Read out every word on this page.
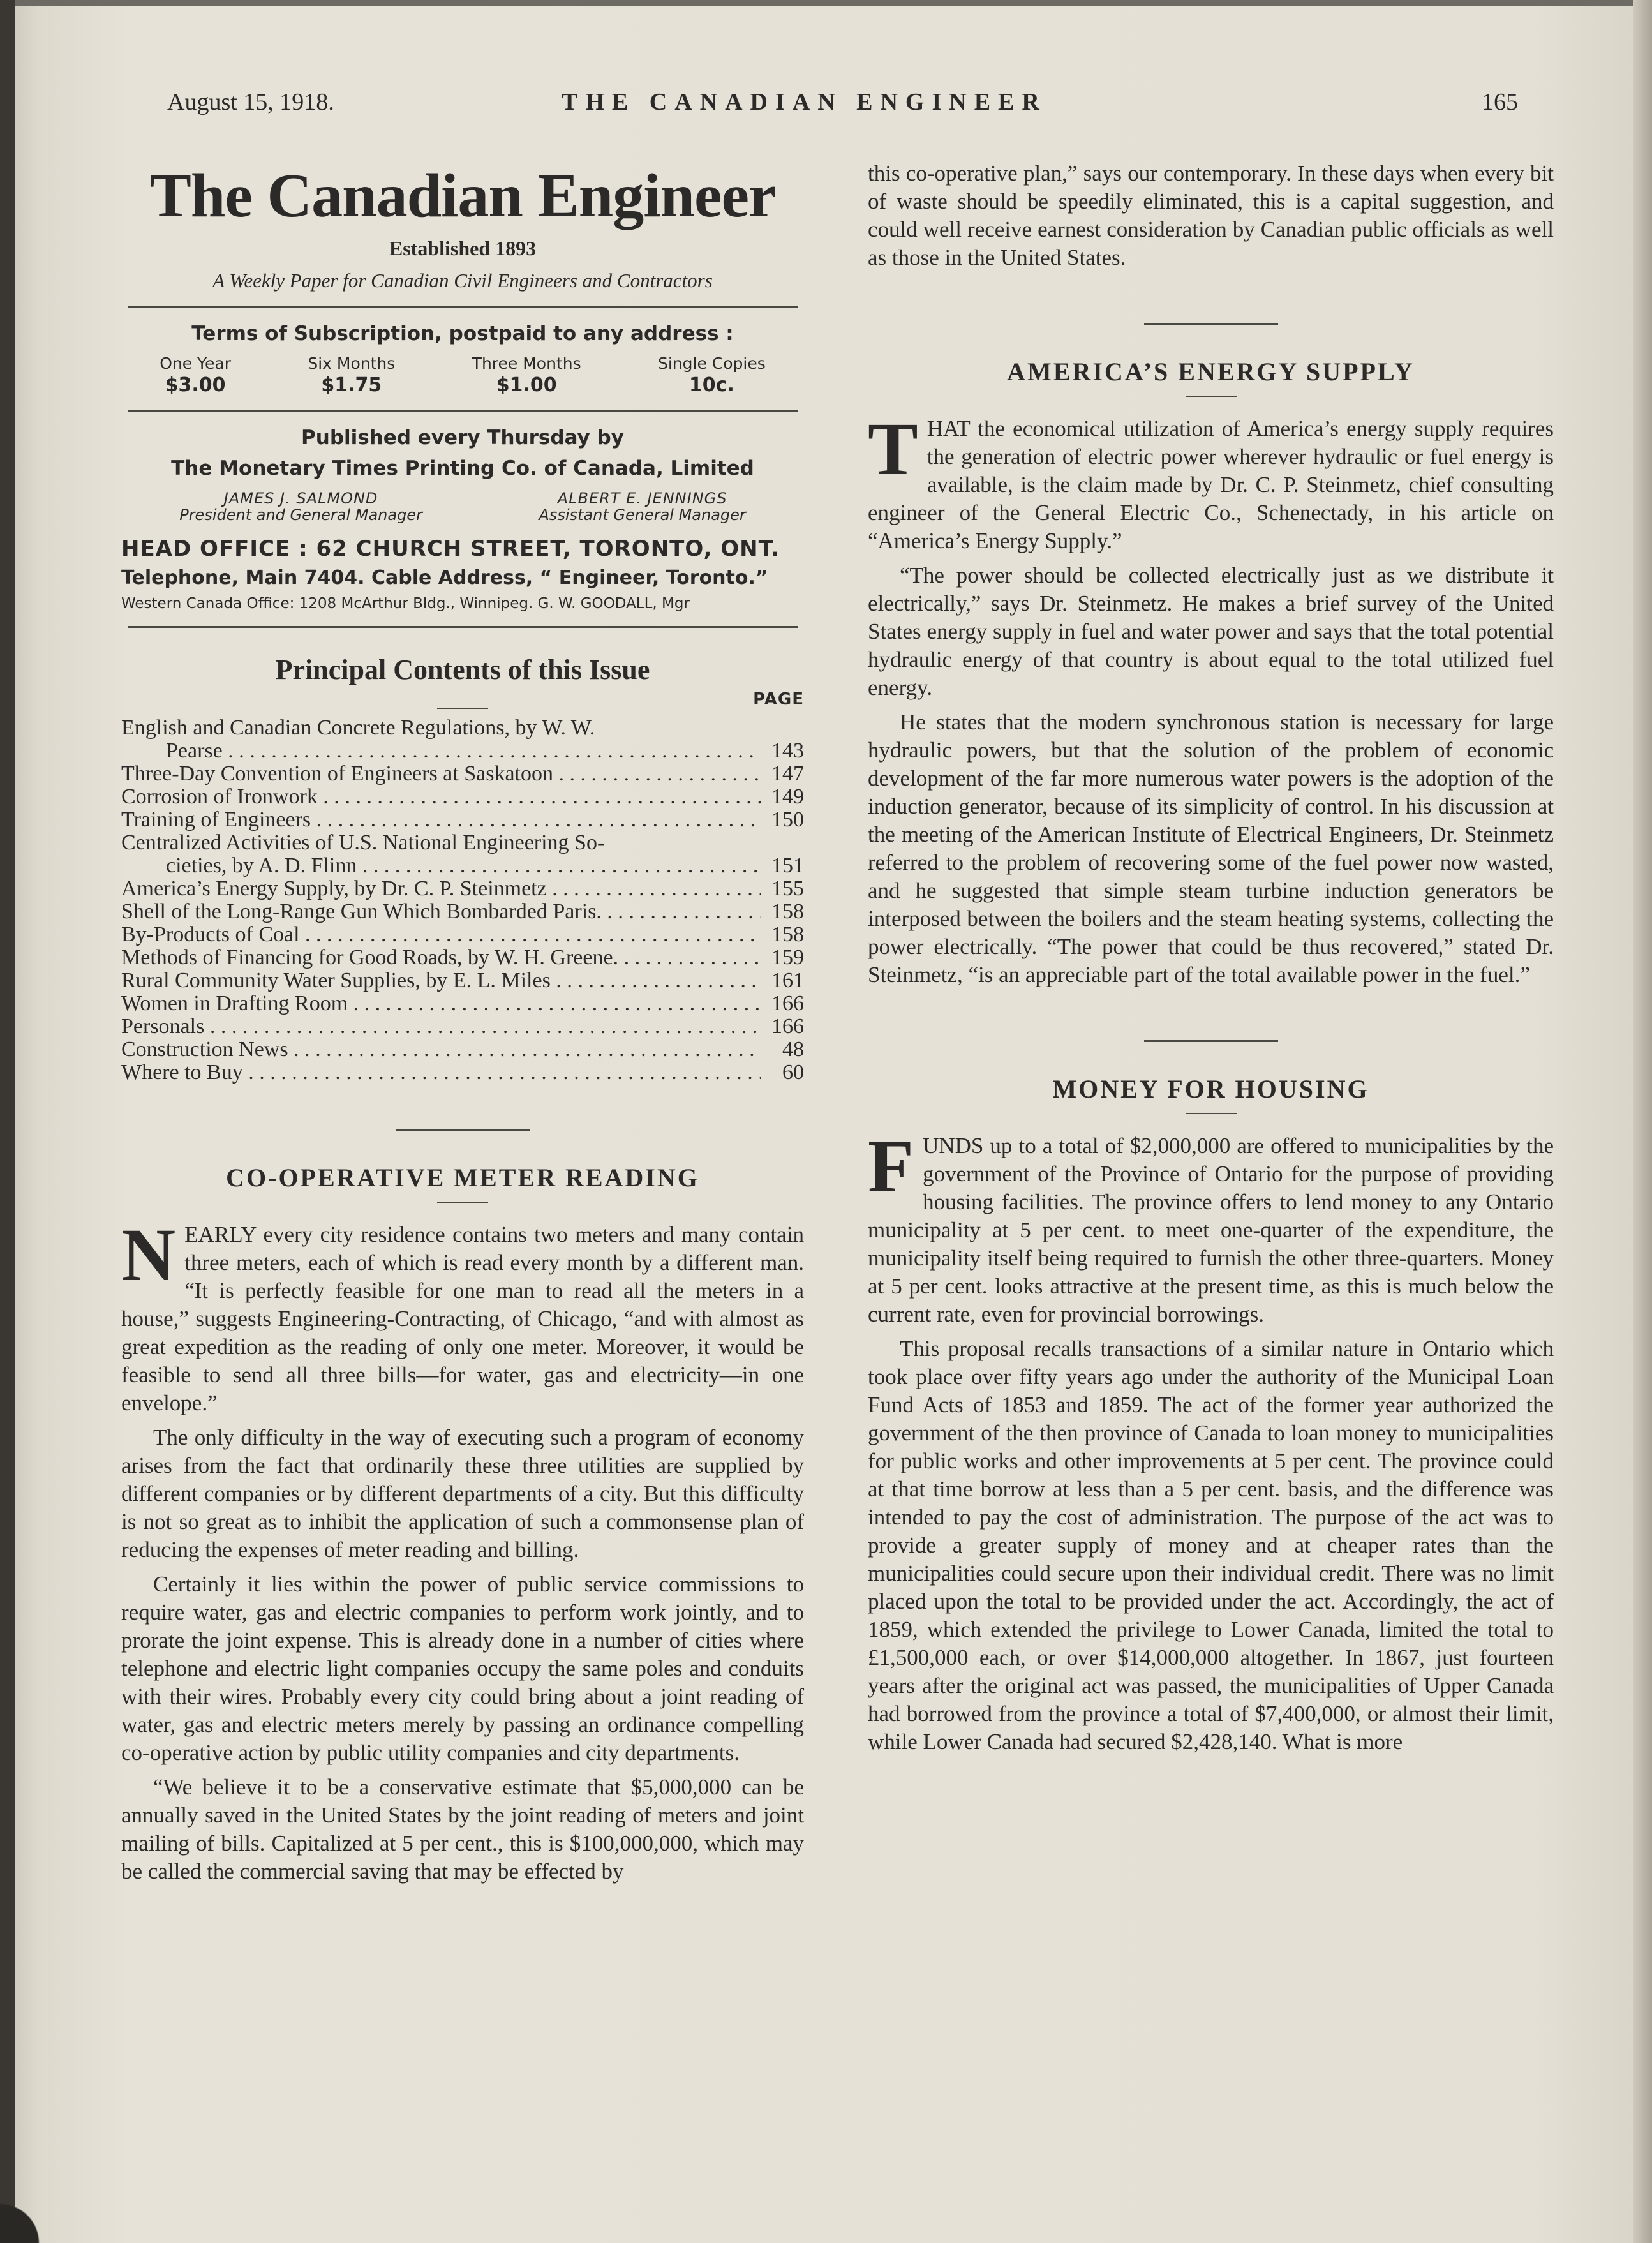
August 15, 1918.	THE CANADIAN ENGINEER	165
The Canadian Engineer
Established 1893
A Weekly Paper for Canadian Civil Engineers and Contractors
Terms of Subscription, postpaid to any address :
One Year
$3.00
Six Months
$1.75
Three Months
$1.00
Single Copies
10c.
Published every Thursday by
The Monetary Times Printing Co. of Canada, Limited
JAMES J. SALMOND
President and General Manager
ALBERT E. JENNINGS
Assistant General Manager
HEAD OFFICE : 62 CHURCH STREET, TORONTO, ONT.
Telephone, Main 7404. Cable Address, “ Engineer, Toronto.”
Western Canada Office: 1208 McArthur Bldg., Winnipeg. G. W. GOODALL, Mgr
Principal Contents of this Issue
PAGE
English and Canadian Concrete Regulations, by W. W.
Pearse . . .	143
Three-Day Convention of Engineers at Saskatoon . . .	147
Corrosion of Ironwork . . .	149
Training of Engineers . . .	150
Centralized Activities of U.S. National Engineering So-
cieties, by A. D. Flinn . . .	151
America’s Energy Supply, by Dr. C. P. Steinmetz . . .	155
Shell of the Long-Range Gun Which Bombarded Paris. . . .	158
By-Products of Coal . . .	158
Methods of Financing for Good Roads, by W. H. Greene. . . .	159
Rural Community Water Supplies, by E. L. Miles . . .	161
Women in Drafting Room . . .	166
Personals . . .	166
Construction News . . .	48
Where to Buy . . .	60
CO-OPERATIVE METER READING

NEARLY every city residence contains two meters and many contain three meters, each of which is read every month by a different man. “It is perfectly feasible for one man to read all the meters in a house,” suggests Engineering-Contracting, of Chicago, “and with almost as great expedition as the reading of only one meter. Moreover, it would be feasible to send all three bills—for water, gas and electricity—in one envelope.”

The only difficulty in the way of executing such a program of economy arises from the fact that ordinarily these three utilities are supplied by different companies or by different departments of a city. But this difficulty is not so great as to inhibit the application of such a commonsense plan of reducing the expenses of meter reading and billing.

Certainly it lies within the power of public service commissions to require water, gas and electric companies to perform work jointly, and to prorate the joint expense. This is already done in a number of cities where telephone and electric light companies occupy the same poles and conduits with their wires. Probably every city could bring about a joint reading of water, gas and electric meters merely by passing an ordinance compelling co-operative action by public utility companies and city departments.

“We believe it to be a conservative estimate that $5,000,000 can be annually saved in the United States by the joint reading of meters and joint mailing of bills. Capitalized at 5 per cent., this is $100,000,000, which may be called the commercial saving that may be effected by

this co-operative plan,” says our contemporary. In these days when every bit of waste should be speedily eliminated, this is a capital suggestion, and could well receive earnest consideration by Canadian public officials as well as those in the United States.

AMERICA’S ENERGY SUPPLY

THAT the economical utilization of America’s energy supply requires the generation of electric power wherever hydraulic or fuel energy is available, is the claim made by Dr. C. P. Steinmetz, chief consulting engineer of the General Electric Co., Schenectady, in his article on “America’s Energy Supply.”

“The power should be collected electrically just as we distribute it electrically,” says Dr. Steinmetz. He makes a brief survey of the United States energy supply in fuel and water power and says that the total potential hydraulic energy of that country is about equal to the total utilized fuel energy.

He states that the modern synchronous station is necessary for large hydraulic powers, but that the solution of the problem of economic development of the far more numerous water powers is the adoption of the induction generator, because of its simplicity of control. In his discussion at the meeting of the American Institute of Electrical Engineers, Dr. Steinmetz referred to the problem of recovering some of the fuel power now wasted, and he suggested that simple steam turbine induction generators be interposed between the boilers and the steam heating systems, collecting the power electrically. “The power that could be thus recovered,” stated Dr. Steinmetz, “is an appreciable part of the total available power in the fuel.”

MONEY FOR HOUSING

FUNDS up to a total of $2,000,000 are offered to municipalities by the government of the Province of Ontario for the purpose of providing housing facilities. The province offers to lend money to any Ontario municipality at 5 per cent. to meet one-quarter of the expenditure, the municipality itself being required to furnish the other three-quarters. Money at 5 per cent. looks attractive at the present time, as this is much below the current rate, even for provincial borrowings.

This proposal recalls transactions of a similar nature in Ontario which took place over fifty years ago under the authority of the Municipal Loan Fund Acts of 1853 and 1859. The act of the former year authorized the government of the then province of Canada to loan money to municipalities for public works and other improvements at 5 per cent. The province could at that time borrow at less than a 5 per cent. basis, and the difference was intended to pay the cost of administration. The purpose of the act was to provide a greater supply of money and at cheaper rates than the municipalities could secure upon their individual credit. There was no limit placed upon the total to be provided under the act. Accordingly, the act of 1859, which extended the privilege to Lower Canada, limited the total to £1,500,000 each, or over $14,000,000 altogether. In 1867, just fourteen years after the original act was passed, the municipalities of Upper Canada had borrowed from the province a total of $7,400,000, or almost their limit, while Lower Canada had secured $2,428,140. What is more
